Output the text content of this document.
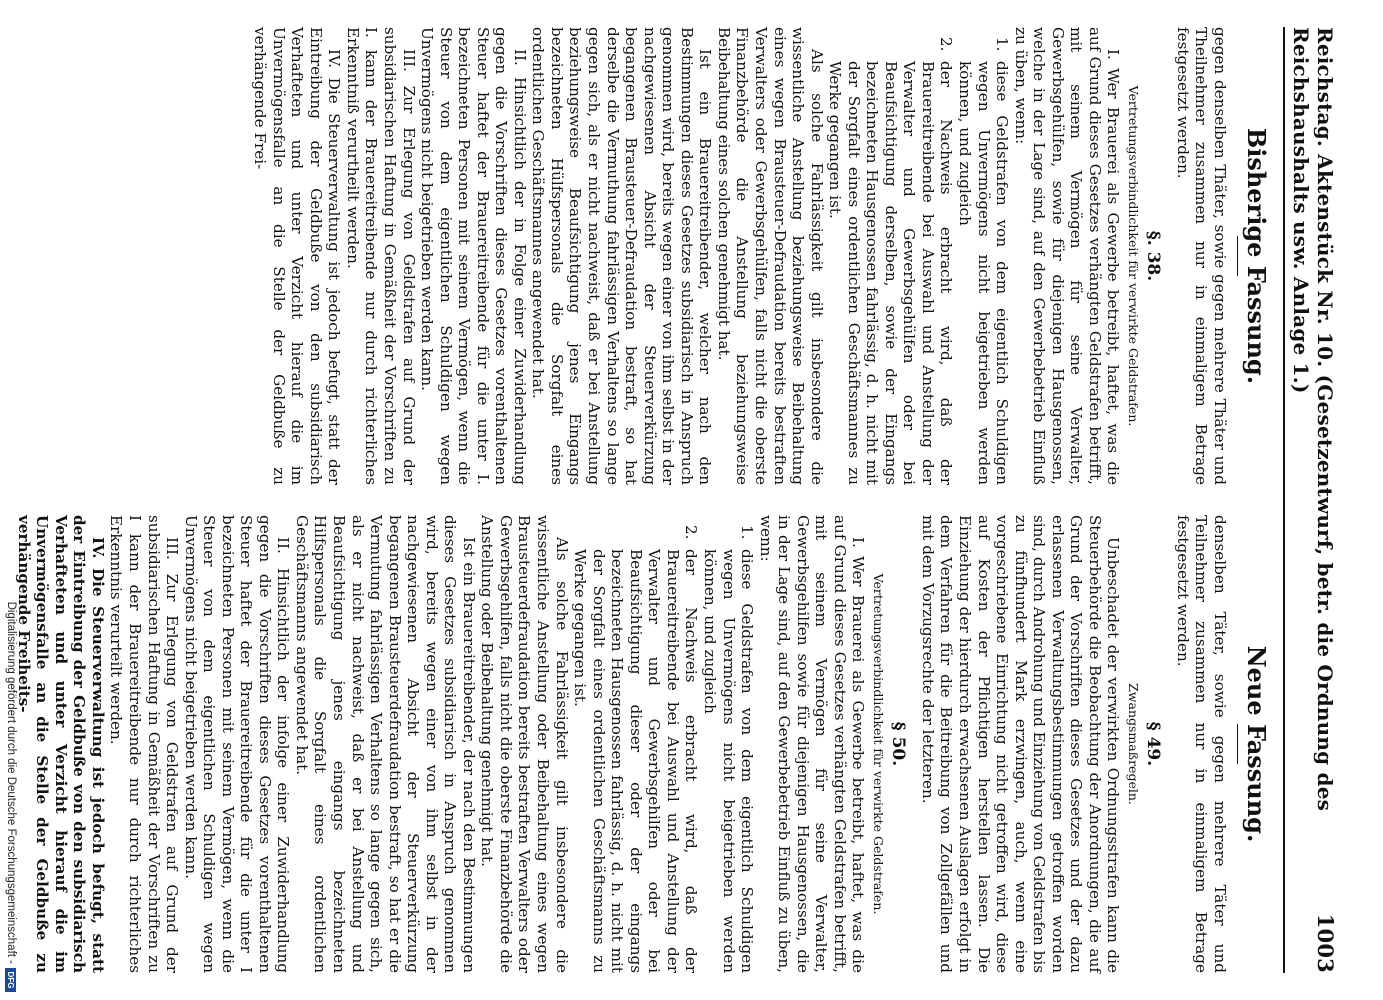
Digitalisierung gefördert durch die Deutsche Forschungsgemeinschaft -
DFG
Reichstag. Aktenstück Nr. 10. (Gesetzentwurf, betr. die Ordnung des Reichshaushalts usw. Anlage 1.)
1003
Bisherige Fassung.

gegen denselben Thäter, sowie gegen mehrere Thäter und Theilnehmer zusammen nur in einmaligem Betrage festgesetzt werden.

§. 38.
Vertretungsverbindlichkeit für verwirkte Geldstrafen.

I. Wer Brauerei als Gewerbe betreibt, haftet, was die auf Grund dieses Gesetzes verhängten Geldstrafen betrifft, mit seinem Vermögen für seine Verwalter, Gewerbsgehülfen, sowie für diejenigen Hausgenossen, welche in der Lage sind, auf den Gewerbebetrieb Einfluß zu üben, wenn:

1.
diese Geldstrafen von dem eigentlich Schuldigen wegen Unvermögens nicht beigetrieben werden können, und zugleich
2.
der Nachweis erbracht wird, daß der Brauereitreibende bei Auswahl und Anstellung der Verwalter und Gewerbsgehülfen oder bei Beaufsichtigung derselben, sowie der Eingangs bezeichneten Hausgenossen fahrlässig, d. h. nicht mit der Sorgfalt eines ordentlichen Geschäftsmannes zu Werke gegangen ist.

Als solche Fahrlässigkeit gilt insbesondere die wissentliche Anstellung beziehungsweise Beibehaltung eines wegen Brausteuer-Defraudation bereits bestraften Verwalters oder Gewerbsgehülfen, falls nicht die oberste Finanzbehörde die Anstellung beziehungsweise Beibehaltung eines solchen genehmigt hat.

Ist ein Brauereitreibender, welcher nach den Bestimmungen dieses Gesetzes subsidiarisch in Anspruch genommen wird, bereits wegen einer von ihm selbst in der nachgewiesenen Absicht der Steuerverkürzung begangenen Brausteuer-Defraudation bestraft, so hat derselbe die Vermuthung fahrlässigen Verhaltens so lange gegen sich, als er nicht nachweist, daß er bei Anstellung beziehungsweise Beaufsichtigung jenes Eingangs bezeichneten Hülfspersonals die Sorgfalt eines ordentlichen Geschäftsmannes angewendet hat.

II. Hinsichtlich der in Folge einer Zuwiderhandlung gegen die Vorschriften dieses Gesetzes vorenthaltenen Steuer haftet der Brauereitreibende für die unter I. bezeichneten Personen mit seinem Vermögen, wenn die Steuer von dem eigentlichen Schuldigen wegen Unvermögens nicht beigetrieben werden kann.

III. Zur Erlegung von Geldstrafen auf Grund der subsidiarischen Haftung in Gemäßheit der Vorschriften zu I. kann der Brauereitreibende nur durch richterliches Erkenntniß verurtheilt werden.

IV. Die Steuerverwaltung ist jedoch befugt, statt der Eintreibung der Geldbuße von den subsidiarisch Verhafteten und unter Verzicht hierauf die im Unvermögensfalle an die Stelle der Geldbuße zu verhängende Frei-

Neue Fassung.

denselben Täter, sowie gegen mehrere Täter und Teilnehmer zusammen nur in einmaligem Betrage festgesetzt werden.

§ 49.
Zwangsmaßregeln.

Unbeschadet der verwirkten Ordnungsstrafen kann die Steuerbehörde die Beobachtung der Anordnungen, die auf Grund der Vorschriften dieses Gesetzes und der dazu erlassenen Verwaltungsbestimmungen getroffen worden sind, durch Androhung und Einziehung von Geldstrafen bis zu fünfhundert Mark erzwingen, auch, wenn eine vorgeschriebene Einrichtung nicht getroffen wird, diese auf Kosten der Pflichtigen herstellen lassen. Die Einziehung der hierdurch erwachsenen Auslagen erfolgt in dem Verfahren für die Beitreibung von Zollgefällen und mit dem Vorzugsrechte der letzteren.

§ 50.
Vertretungsverbindlichkeit für verwirkte Geldstrafen.

I. Wer Brauerei als Gewerbe betreibt, haftet, was die auf Grund dieses Gesetzes verhängten Geldstrafen betrifft, mit seinem Vermögen für seine Verwalter, Gewerbsgehilfen sowie für diejenigen Hausgenossen, die in der Lage sind, auf den Gewerbebetrieb Einfluß zu üben, wenn:

1.
diese Geldstrafen von dem eigentlich Schuldigen wegen Unvermögens nicht beigetrieben werden können, und zugleich
2.
der Nachweis erbracht wird, daß der Brauereitreibende bei Auswahl und Anstellung der Verwalter und Gewerbsgehilfen oder bei Beaufsichtigung dieser oder der eingangs bezeichneten Hausgenossen fahrlässig, d. h. nicht mit der Sorgfalt eines ordentlichen Geschäftsmanns zu Werke gegangen ist.

Als solche Fahrlässigkeit gilt insbesondere die wissentliche Anstellung oder Beibehaltung eines wegen Brausteuerdefraudation bereits bestraften Verwalters oder Gewerbsgehilfen, falls nicht die oberste Finanzbehörde die Anstellung oder Beibehaltung genehmigt hat.

Ist ein Brauereitreibender, der nach den Bestimmungen dieses Gesetzes subsidiarisch in Anspruch genommen wird, bereits wegen einer von ihm selbst in der nachgewiesenen Absicht der Steuerverkürzung begangenen Brausteuerdefraudation bestraft, so hat er die Vermutung fahrlässigen Verhaltens so lange gegen sich, als er nicht nachweist, daß er bei Anstellung und Beaufsichtigung jenes eingangs bezeichneten Hilfspersonals die Sorgfalt eines ordentlichen Geschäftsmanns angewendet hat.

II. Hinsichtlich der infolge einer Zuwiderhandlung gegen die Vorschriften dieses Gesetzes vorenthaltenen Steuer haftet der Brauereitreibende für die unter I bezeichneten Personen mit seinem Vermögen, wenn die Steuer von dem eigentlichen Schuldigen wegen Unvermögens nicht beigetrieben werden kann.

III. Zur Erlegung von Geldstrafen auf Grund der subsidiarischen Haftung in Gemäßheit der Vorschriften zu I kann der Brauereitreibende nur durch richterliches Erkenntnis verurteilt werden.

IV. Die Steuerverwaltung ist jedoch befugt, statt der Eintreibung der Geldbuße von den subsidiarisch Verhafteten und unter Verzicht hierauf die im Unvermögensfalle an die Stelle der Geldbuße zu verhängende Freiheits-
